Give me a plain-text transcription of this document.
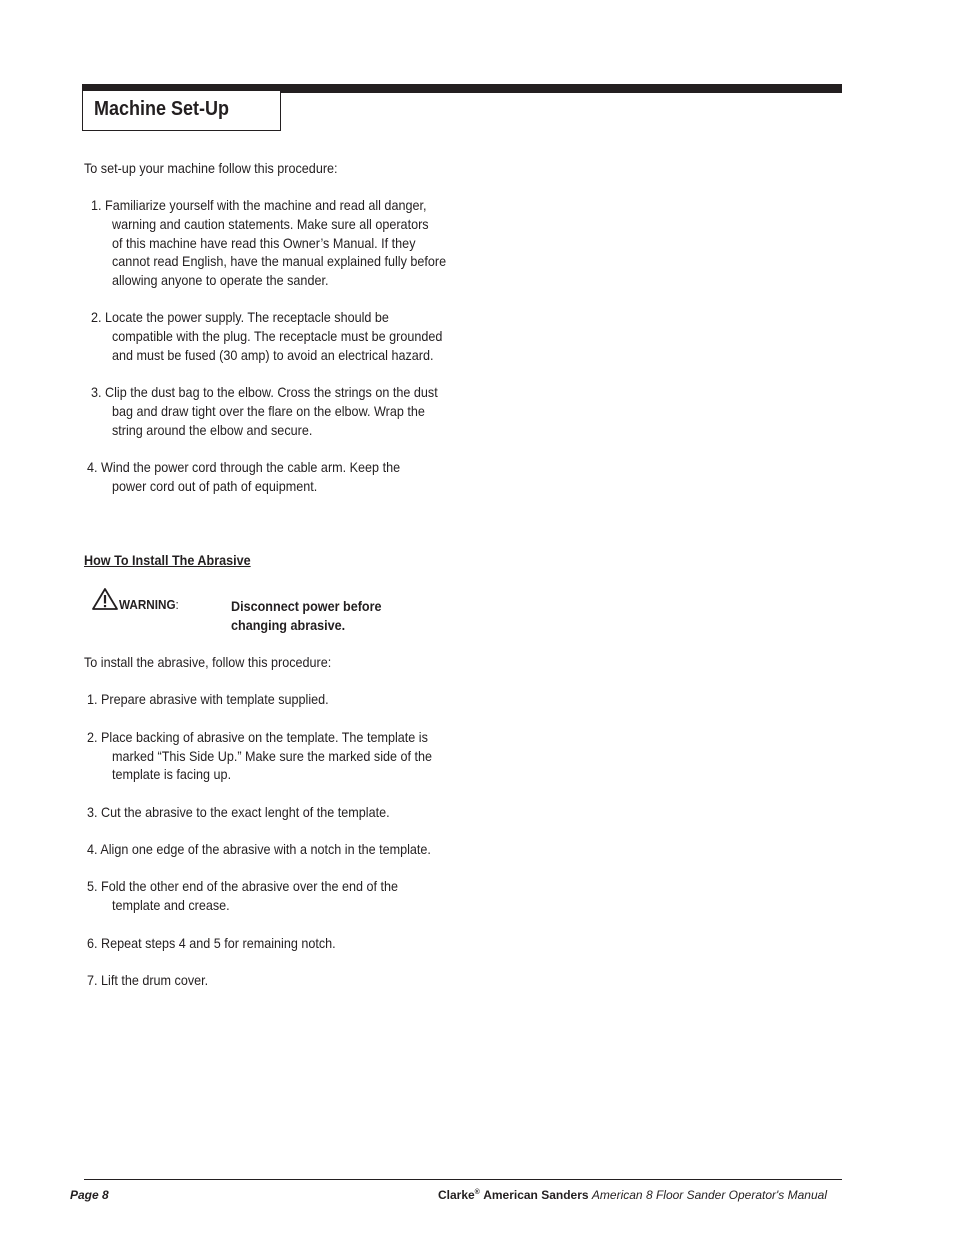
Machine Set-Up
To set-up your machine follow this procedure:
1. Familiarize yourself with the machine and read all danger,
warning and caution statements. Make sure all operators
of this machine have read this Owner’s Manual. If they
cannot read English, have the manual explained fully before
allowing anyone to operate the sander.
2. Locate the power supply. The receptacle should be
compatible with the plug. The receptacle must be grounded
and must be fused (30 amp) to avoid an electrical hazard.
3. Clip the dust bag to the elbow. Cross the strings on the dust
bag and draw tight over the flare on the elbow. Wrap the
string around the elbow and secure.
4. Wind the power cord through the cable arm. Keep the
power cord out of path of equipment.
How To Install The Abrasive
WARNING:	Disconnect power before
changing abrasive.
To install the abrasive, follow this procedure:
1. Prepare abrasive with template supplied.
2. Place backing of abrasive on the template. The template is
marked “This Side Up.” Make sure the marked side of the
template is facing up.
3. Cut the abrasive to the exact lenght of the template.
4. Align one edge of the abrasive with a notch in the template.
5. Fold the other end of the abrasive over the end of the
template and crease.
6. Repeat steps 4 and 5 for remaining notch.
7. Lift the drum cover.
Page 8	Clarke® American Sanders American 8 Floor Sander Operator's Manual
